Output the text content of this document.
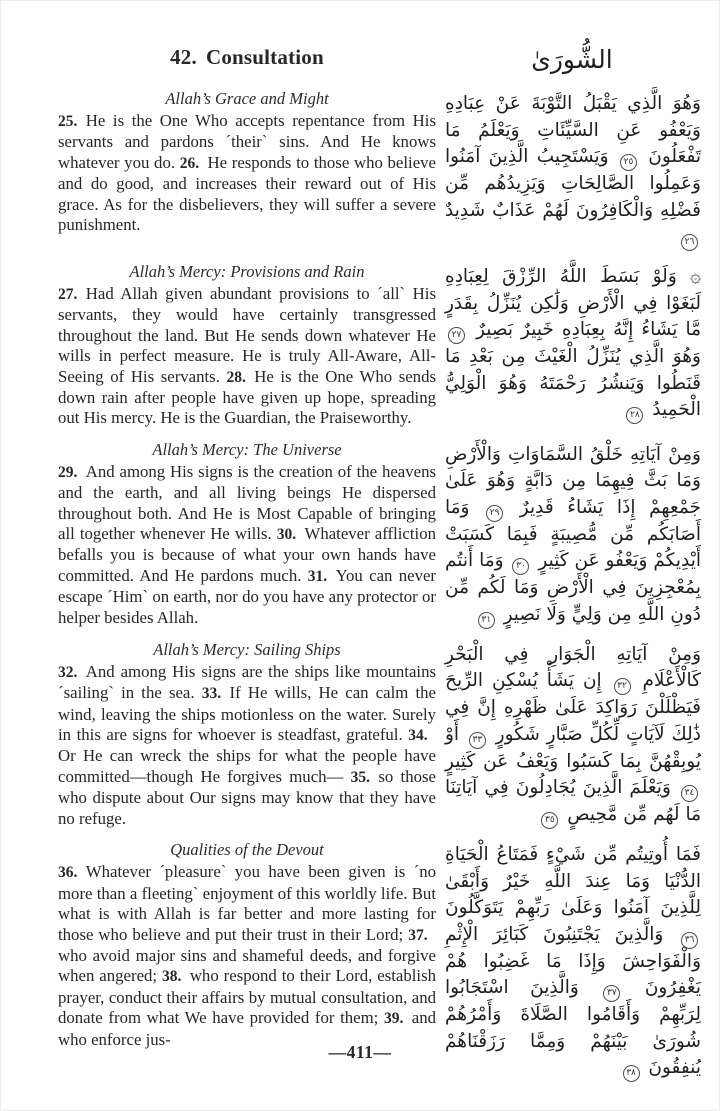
42. Consultation	الشُّورَىٰ
Allah’s Grace and Might

25.  He is the One Who accepts repentance from His servants and pardons ´their` sins. And He knows whatever you do. 26.  He responds to those who believe and do good, and increases their reward out of His grace. As for the disbelievers, they will suffer a severe punishment.

وَهُوَ الَّذِي يَقْبَلُ التَّوْبَةَ عَنْ عِبَادِهِ وَيَعْفُو عَنِ السَّيِّئَاتِ وَيَعْلَمُ مَا تَفْعَلُونَ ٢٥ وَيَسْتَجِيبُ الَّذِينَ آمَنُوا وَعَمِلُوا الصَّالِحَاتِ وَيَزِيدُهُم مِّن فَضْلِهِ وَالْكَافِرُونَ لَهُمْ عَذَابٌ شَدِيدٌ ٢٦

Allah’s Mercy: Provisions and Rain

27.  Had Allah given abundant provisions to ´all` His servants, they would have certainly transgressed throughout the land. But He sends down whatever He wills in perfect measure. He is truly All-Aware, All-Seeing of His servants. 28.  He is the One Who sends down rain after people have given up hope, spreading out His mercy. He is the Guardian, the Praiseworthy.

۞ وَلَوْ بَسَطَ اللَّهُ الرِّزْقَ لِعِبَادِهِ لَبَغَوْا فِي الْأَرْضِ وَلَٰكِن يُنَزِّلُ بِقَدَرٍ مَّا يَشَاءُ إِنَّهُ بِعِبَادِهِ خَبِيرٌ بَصِيرٌ ٢٧ وَهُوَ الَّذِي يُنَزِّلُ الْغَيْثَ مِن بَعْدِ مَا قَنَطُوا وَيَنشُرُ رَحْمَتَهُ وَهُوَ الْوَلِيُّ الْحَمِيدُ ٢٨

Allah’s Mercy: The Universe

29.  And among His signs is the creation of the heavens and the earth, and all living beings He dispersed throughout both. And He is Most Capable of bringing all together whenever He wills. 30.  Whatever affliction befalls you is because of what your own hands have committed. And He pardons much. 31.  You can never escape ´Him` on earth, nor do you have any protector or helper besides Allah.

وَمِنْ آيَاتِهِ خَلْقُ السَّمَاوَاتِ وَالْأَرْضِ وَمَا بَثَّ فِيهِمَا مِن دَابَّةٍ وَهُوَ عَلَىٰ جَمْعِهِمْ إِذَا يَشَاءُ قَدِيرٌ ٢٩ وَمَا أَصَابَكُم مِّن مُّصِيبَةٍ فَبِمَا كَسَبَتْ أَيْدِيكُمْ وَيَعْفُو عَن كَثِيرٍ ٣٠ وَمَا أَنتُم بِمُعْجِزِينَ فِي الْأَرْضِ وَمَا لَكُم مِّن دُونِ اللَّهِ مِن وَلِيٍّ وَلَا نَصِيرٍ ٣١

Allah’s Mercy: Sailing Ships

32.  And among His signs are the ships like mountains ´sailing` in the sea. 33.  If He wills, He can calm the wind, leaving the ships motionless on the water. Surely in this are signs for whoever is steadfast, grateful. 34. Or He can wreck the ships for what the people have committed—though He forgives much— 35.  so those who dispute about Our signs may know that they have no refuge.

وَمِنْ آيَاتِهِ الْجَوَارِ فِي الْبَحْرِ كَالْأَعْلَامِ ٣٢ إِن يَشَأْ يُسْكِنِ الرِّيحَ فَيَظْلَلْنَ رَوَاكِدَ عَلَىٰ ظَهْرِهِ إِنَّ فِي ذَٰلِكَ لَآيَاتٍ لِّكُلِّ صَبَّارٍ شَكُورٍ ٣٣ أَوْ يُوبِقْهُنَّ بِمَا كَسَبُوا وَيَعْفُ عَن كَثِيرٍ ٣٤ وَيَعْلَمَ الَّذِينَ يُجَادِلُونَ فِي آيَاتِنَا مَا لَهُم مِّن مَّحِيصٍ ٣٥

Qualities of the Devout

36.  Whatever ´pleasure` you have been given is ´no more than a fleeting` enjoyment of this worldly life. But what is with Allah is far better and more lasting for those who believe and put their trust in their Lord; 37. who avoid major sins and shameful deeds, and forgive when angered; 38.  who respond to their Lord, establish prayer, conduct their affairs by mutual consultation, and donate from what We have provided for them; 39.  and who enforce jus-

فَمَا أُوتِيتُم مِّن شَيْءٍ فَمَتَاعُ الْحَيَاةِ الدُّنْيَا وَمَا عِندَ اللَّهِ خَيْرٌ وَأَبْقَىٰ لِلَّذِينَ آمَنُوا وَعَلَىٰ رَبِّهِمْ يَتَوَكَّلُونَ ٣٦ وَالَّذِينَ يَجْتَنِبُونَ كَبَائِرَ الْإِثْمِ وَالْفَوَاحِشَ وَإِذَا مَا غَضِبُوا هُمْ يَغْفِرُونَ ٣٧ وَالَّذِينَ اسْتَجَابُوا لِرَبِّهِمْ وَأَقَامُوا الصَّلَاةَ وَأَمْرُهُمْ شُورَىٰ بَيْنَهُمْ وَمِمَّا رَزَقْنَاهُمْ يُنفِقُونَ ٣٨

—411—
